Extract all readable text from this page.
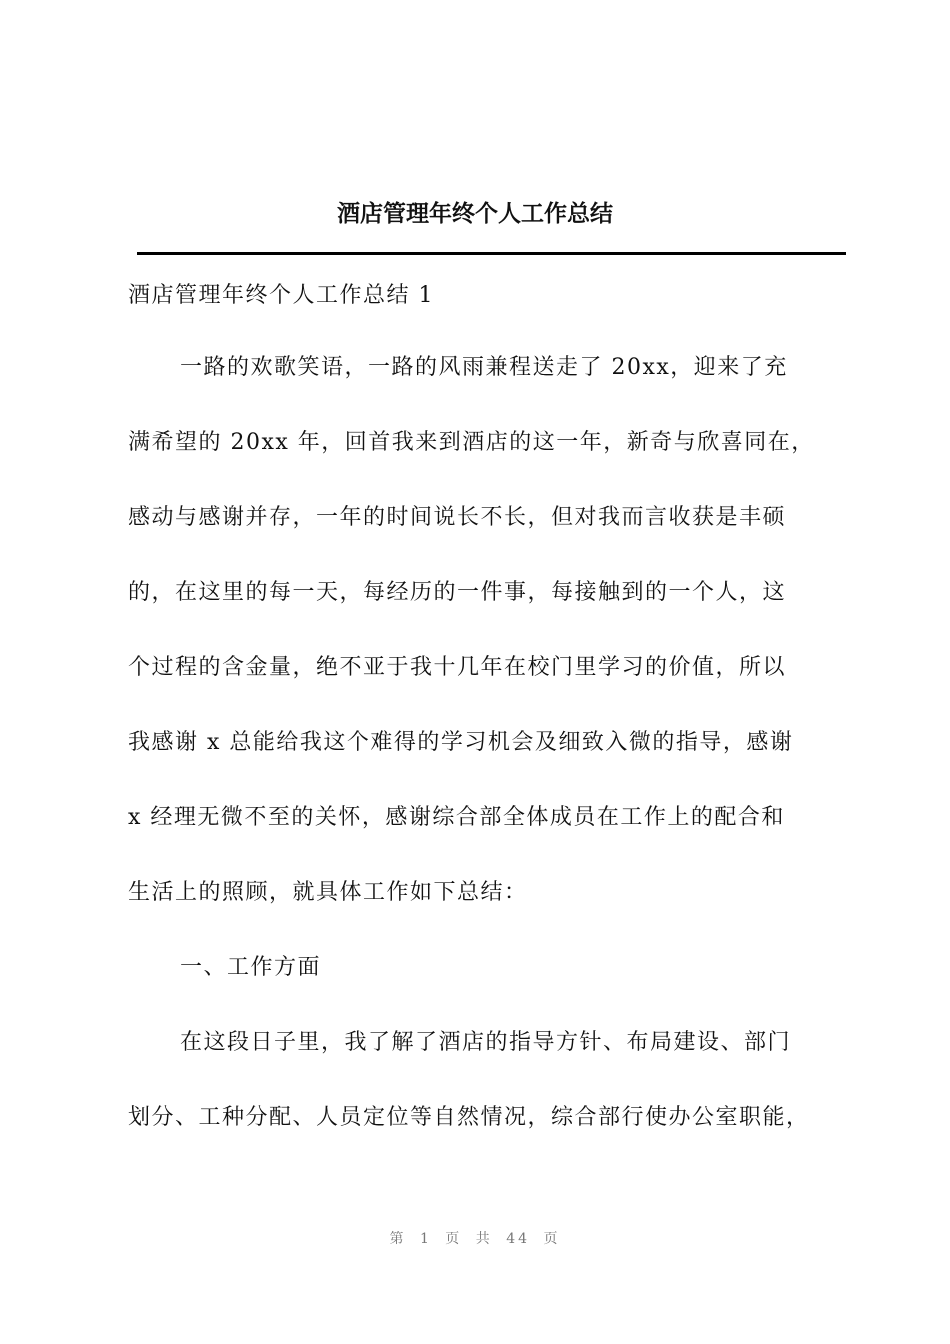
酒店管理年终个人工作总结
酒店管理年终个人工作总结 1
一路的欢歌笑语，一路的风雨兼程送走了 20xx，迎来了充
满希望的 20xx 年，回首我来到酒店的这一年，新奇与欣喜同在，
感动与感谢并存，一年的时间说长不长，但对我而言收获是丰硕
的，在这里的每一天，每经历的一件事，每接触到的一个人，这
个过程的含金量，绝不亚于我十几年在校门里学习的价值，所以
我感谢 x 总能给我这个难得的学习机会及细致入微的指导，感谢
x 经理无微不至的关怀，感谢综合部全体成员在工作上的配合和
生活上的照顾，就具体工作如下总结：
一、工作方面
在这段日子里，我了解了酒店的指导方针、布局建设、部门
划分、工种分配、人员定位等自然情况，综合部行使办公室职能，
第 1 页 共 44 页
